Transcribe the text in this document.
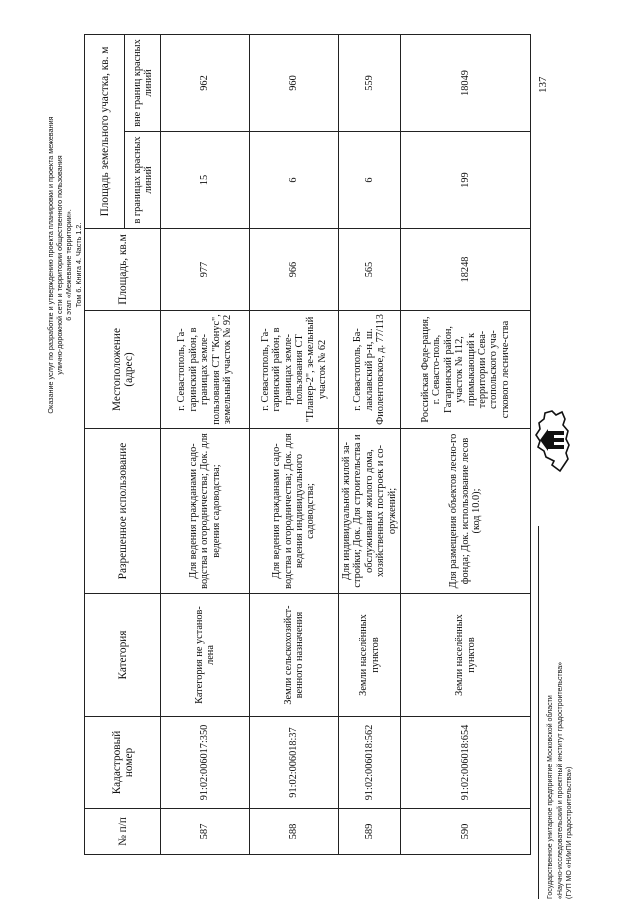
Оказание услуг по разработке и утверждению проекта планировки и проекта межевания улично-дорожной сети и территории общественного пользования 6 этап «Межевание территории». Том 6. Книга 4. Часть 1.2.
№ п/п	Кадастровый номер	Категория	Разрешенное использование	Местоположение (адрес)	Площадь, кв.м	Площадь земельного участка, кв. м	
						в границах красных линий	вне границ красных линий
587	91:02:006017:350	Категория не установ-лена	Для ведения гражданами садо-водства и огородничества; Док. для ведения садоводства;	г. Севастополь, Га-гаринский район, в границах земле-пользования СТ "Конус", земельный участок № 92	977	15	962
588	91:02:006018:37	Земли сельскохозяйст-венного назначения	Для ведения гражданами садо-водства и огородничества; Док. для ведения индивидуального садоводства;	г. Севастополь, Га-гаринский район, в границах земле-пользования СТ "Планер-2", зе-мельный участок № 62	966	6	960
589	91:02:006018:562	Земли населённых пунктов	Для индивидуальной жилой за-стройки; Док. Для строительства и обслуживания жилого дома, хозяйственных построек и со-оружений;	г. Севастополь, Ба-лаклавский р-н, ш. Фиолентовское, д. 77/113	565	6	559
590	91:02:006018:654	Земли населённых пунктов	Для размещения объектов лесно-го фонда; Док. использование лесов (код 10.0);	Российская Феде-рация, г. Севасто-поль, Гагаринский район, участок № 112, примыкающий к территории Сева-стопольского уча-сткового лесниче-ства	18248	199	18049
Государственное унитарное предприятие Московской области «Научно-исследовательский и проектный институт градостроительства» (ГУП МО «НИиПИ градостроительства»)
137
